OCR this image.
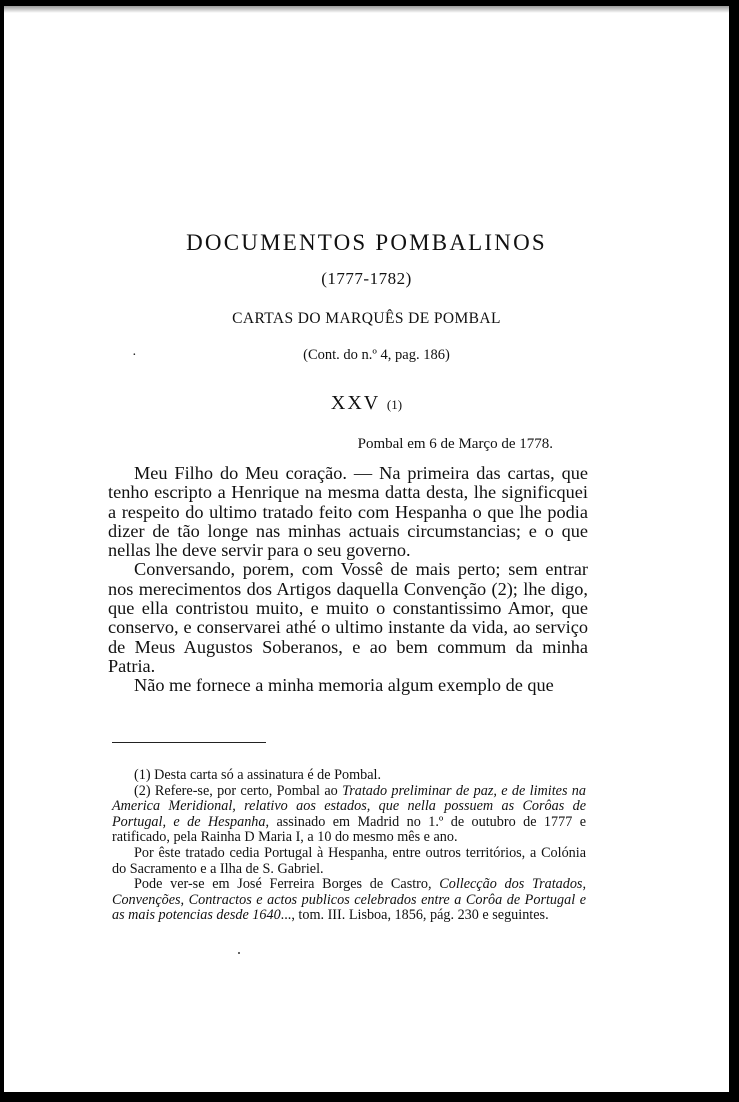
DOCUMENTOS POMBALINOS
(1777-1782)
CARTAS DO MARQUÊS DE POMBAL
·	(Cont. do n.º 4, pag. 186)
XXV (1)
Pombal em 6 de Março de 1778.

Meu Filho do Meu coração. — Na primeira das cartas, que tenho escripto a Henrique na mesma datta desta, lhe significquei a respeito do ultimo tratado feito com Hespanha o que lhe podia dizer de tão longe nas minhas actuais circumstancias; e o que nellas lhe deve servir para o seu governo.

Conversando, porem, com Vossê de mais perto; sem entrar nos merecimentos dos Artigos daquella Convenção (2); lhe digo, que ella contristou muito, e muito o constantissimo Amor, que conservo, e conservarei athé o ultimo instante da vida, ao serviço de Meus Augustos Soberanos, e ao bem commum da minha Patria.

Não me fornece a minha memoria algum exemplo de que

(1) Desta carta só a assinatura é de Pombal.

(2) Refere-se, por certo, Pombal ao Tratado preliminar de paz, e de limites na America Meridional, relativo aos estados, que nella possuem as Corôas de Portugal, e de Hespanha, assinado em Madrid no 1.º de outubro de 1777 e ratificado, pela Rainha D Maria I, a 10 do mesmo mês e ano.

Por êste tratado cedia Portugal à Hespanha, entre outros territórios, a Colónia do Sacramento e a Ilha de S. Gabriel.

Pode ver-se em José Ferreira Borges de Castro, Collecção dos Tratados, Convenções, Contractos e actos publicos celebrados entre a Corôa de Portugal e as mais potencias desde 1640..., tom. III. Lisboa, 1856, pág. 230 e seguintes.
